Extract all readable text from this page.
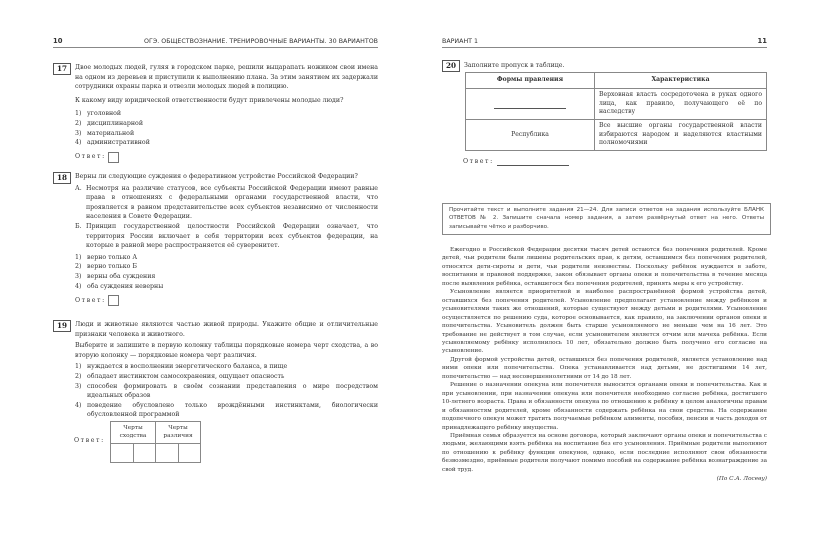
10	ОГЭ. ОБЩЕСТВОЗНАНИЕ. ТРЕНИРОВОЧНЫЕ ВАРИАНТЫ. 30 ВАРИАНТОВ
17	Двое молодых людей, гуляя в городском парке, решили выцарапать ножиком свои имена на одном из деревьев и приступили к выполнению плана. За этим занятием их задержали сотрудники охраны парка и отвезли молодых людей в полицию.

К какому виду юридической ответственности будут привлечены молодые люди?

1) уголовной
2) дисциплинарной
3) материальной
4) административной
Ответ:
18	Верны ли следующие суждения о федеративном устройстве Российской Федерации?

А. Несмотря на различие статусов, все субъекты Российской Федерации имеют равные права в отношениях с федеральными органами государственной власти, что проявляется в равном представительстве всех субъектов независимо от численности населения в Совете Федерации.
Б. Принцип государственной целостности Российской Федерации означает, что территория России включает в себя территории всех субъектов федерации, на которые в равной мере распространяется её суверенитет.
1) верно только А
2) верно только Б
3) верны оба суждения
4) оба суждения неверны
Ответ:
19	Люди и животные являются частью живой природы. Укажите общие и отличительные признаки человека и животного.

Выберите и запишите в первую колонку таблицы порядковые номера черт сходства, а во вторую колонку — порядковые номера черт различия.

1) нуждается в восполнении энергетического баланса, в пище
2) обладает инстинктом самосохранения, ощущает опасность
3) способен формировать в своём сознании представления о мире посредством идеальных образов
4) поведение обусловлено только врождёнными инстинктами, биологически обусловленной программой
Ответ:
Черты сходства		Черты различия	

ВАРИАНТ 1	11
20	Заполните пропуск в таблице.

Формы правления	Характеристика

	Верховная власть сосредоточена в руках одного лица, как правило, получающего её по наследству
Республика	Все высшие органы государственной власти избираются народом и наделяются властными полномочиями
Ответ:
Прочитайте текст и выполните задания 21—24. Для записи ответов на задания используйте БЛАНК ОТВЕТОВ № 2. Запишите сначала номер задания, а затем развёрнутый ответ на него. Ответы записывайте чётко и разборчиво.

Ежегодно в Российской Федерации десятки тысяч детей остаются без попечения родителей. Кроме детей, чьи родители были лишены родительских прав, к детям, оставшимся без попечения родителей, относятся дети-сироты и дети, чьи родители неизвестны. Поскольку ребёнок нуждается в заботе, воспитании и правовой поддержке, закон обязывает органы опеки и попечительства в течение месяца после выявления ребёнка, оставшегося без попечения родителей, принять меры к его устройству.

Усыновление является приоритетной и наиболее распространённой формой устройства детей, оставшихся без попечения родителей. Усыновление предполагает установление между ребёнком и усыновителями таких же отношений, которые существуют между детьми и родителями. Усыновление осуществляется по решению суда, которое основывается, как правило, на заключении органов опеки и попечительства. Усыновитель должен быть старше усыновляемого не меньше чем на 16 лет. Это требование не действует в том случае, если усыновителем является отчим или мачеха ребёнка. Если усыновляемому ребёнку исполнилось 10 лет, обязательно должно быть получено его согласие на усыновление.

Другой формой устройства детей, оставшихся без попечения родителей, является установление над ними опеки или попечительства. Опека устанавливается над детьми, не достигшими 14 лет, попечительство — над несовершеннолетними от 14 до 18 лет.

Решение о назначении опекуна или попечителя выносится органами опеки и попечительства. Как и при усыновлении, при назначении опекуна или попечителя необходимо согласие ребёнка, достигшего 10-летнего возраста. Права и обязанности опекуна по отношению к ребёнку в целом аналогичны правам и обязанностям родителей, кроме обязанности содержать ребёнка на свои средства. На содержание подопечного опекун может тратить получаемые ребёнком алименты, пособия, пенсии и часть доходов от принадлежащего ребёнку имущества.

Приёмная семья образуется на основе договора, который заключают органы опеки и попечительства с людьми, желающими взять ребёнка на воспитание без его усыновления. Приёмные родители выполняют по отношению к ребёнку функции опекунов, однако, если последние исполняют свои обязанности безвозмездно, приёмные родители получают помимо пособий на содержание ребёнка вознаграждение за свой труд.

(По С.А. Лосеву)
